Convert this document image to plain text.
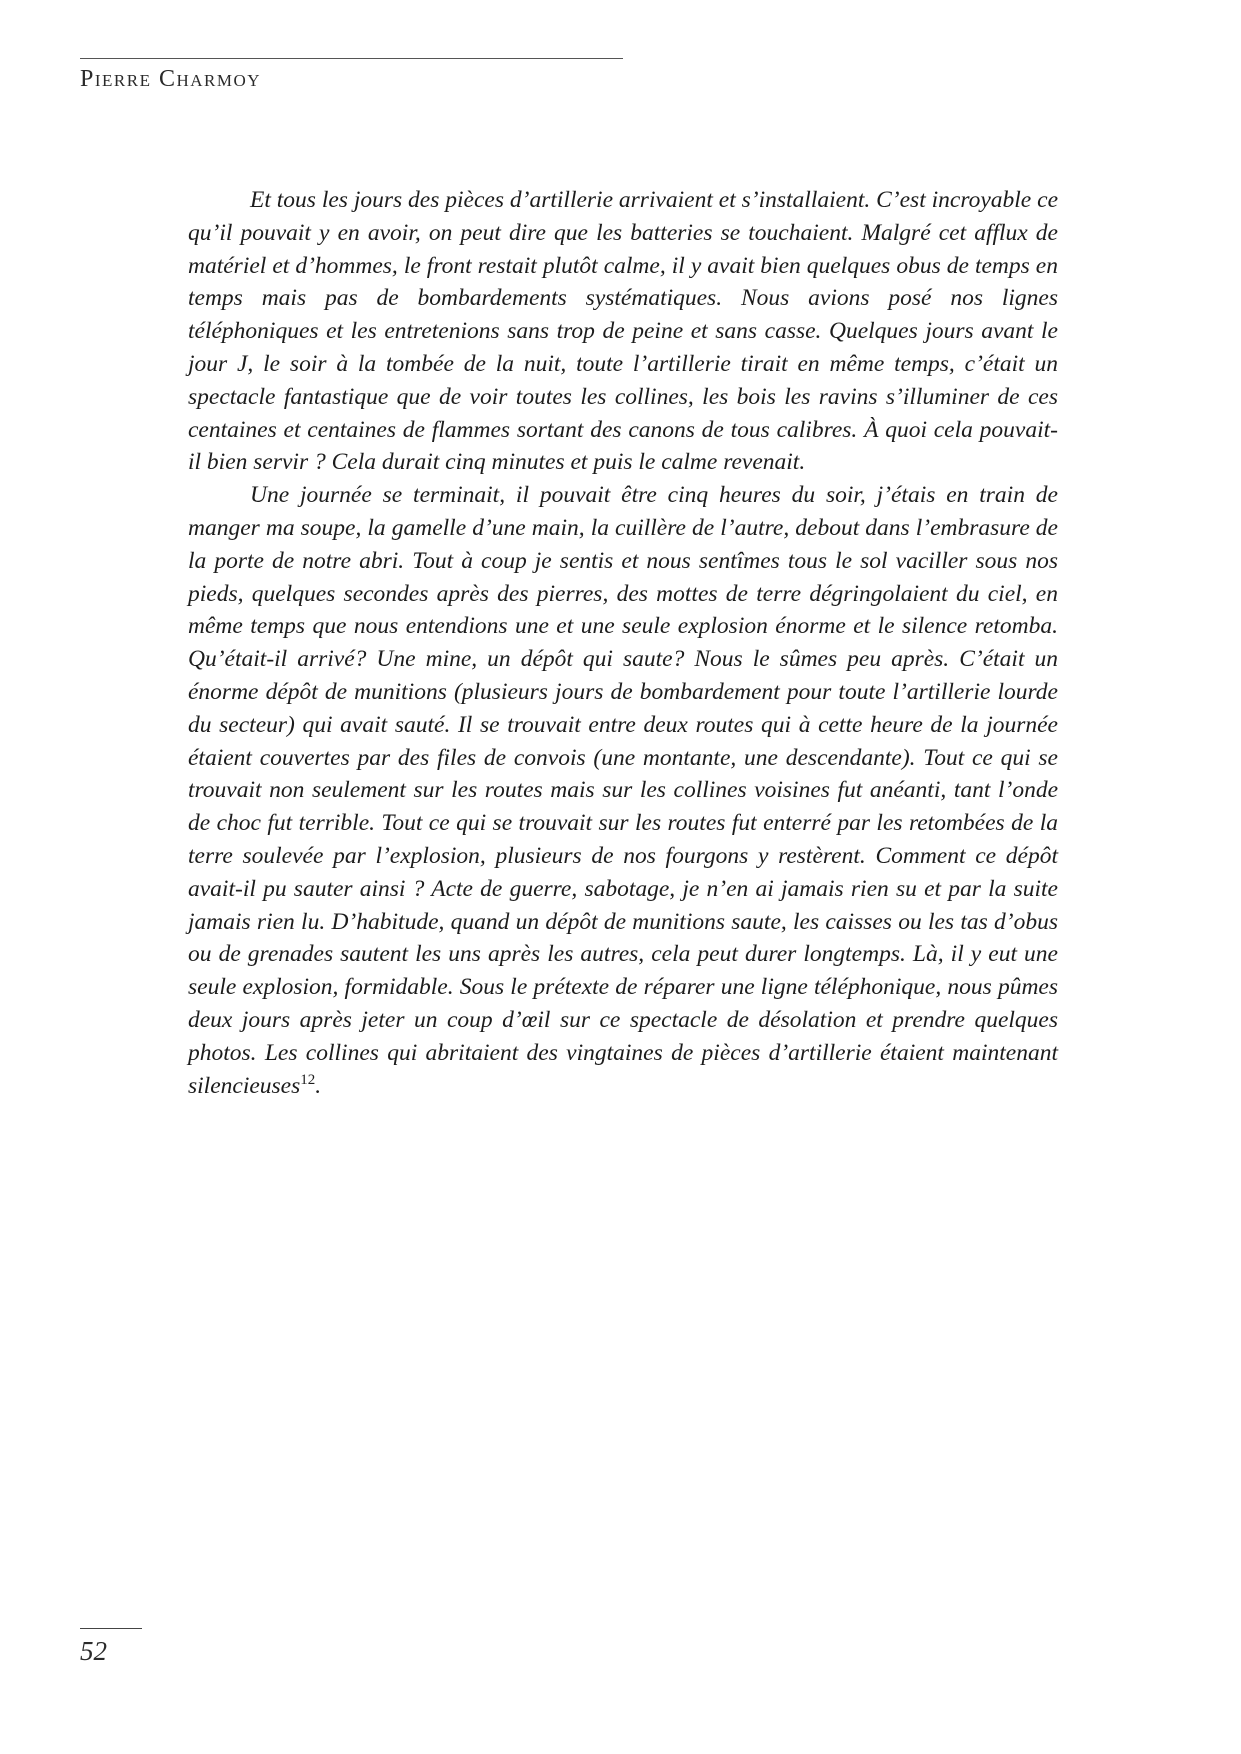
Pierre Charmoy

Et tous les jours des pièces d’artillerie arrivaient et s’installaient. C’est incroyable ce qu’il pouvait y en avoir, on peut dire que les batteries se touchaient. Malgré cet afflux de matériel et d’hommes, le front restait plutôt calme, il y avait bien quelques obus de temps en temps mais pas de bombardements systématiques. Nous avions posé nos lignes téléphoniques et les entretenions sans trop de peine et sans casse. Quelques jours avant le jour J, le soir à la tombée de la nuit, toute l’artillerie tirait en même temps, c’était un spectacle fantastique que de voir toutes les collines, les bois les ravins s’illuminer de ces centaines et centaines de flammes sortant des canons de tous calibres. À quoi cela pouvait-il bien servir ? Cela durait cinq minutes et puis le calme revenait.

Une journée se terminait, il pouvait être cinq heures du soir, j’étais en train de manger ma soupe, la gamelle d’une main, la cuillère de l’autre, debout dans l’embrasure de la porte de notre abri. Tout à coup je sentis et nous sentîmes tous le sol vaciller sous nos pieds, quelques secondes après des pierres, des mottes de terre dégringolaient du ciel, en même temps que nous entendions une et une seule explosion énorme et le silence retomba. Qu’était-il arrivé? Une mine, un dépôt qui saute? Nous le sûmes peu après. C’était un énorme dépôt de munitions (plusieurs jours de bombardement pour toute l’artillerie lourde du secteur) qui avait sauté. Il se trouvait entre deux routes qui à cette heure de la journée étaient couvertes par des files de convois (une montante, une descendante). Tout ce qui se trouvait non seulement sur les routes mais sur les collines voisines fut anéanti, tant l’onde de choc fut terrible. Tout ce qui se trouvait sur les routes fut enterré par les retombées de la terre soulevée par l’explosion, plusieurs de nos fourgons y restèrent. Comment ce dépôt avait-il pu sauter ainsi ? Acte de guerre, sabotage, je n’en ai jamais rien su et par la suite jamais rien lu. D’habitude, quand un dépôt de munitions saute, les caisses ou les tas d’obus ou de grenades sautent les uns après les autres, cela peut durer longtemps. Là, il y eut une seule explosion, formidable. Sous le prétexte de réparer une ligne téléphonique, nous pûmes deux jours après jeter un coup d’œil sur ce spectacle de désolation et prendre quelques photos. Les collines qui abritaient des vingtaines de pièces d’artillerie étaient maintenant silencieuses$^{12}$.

52
